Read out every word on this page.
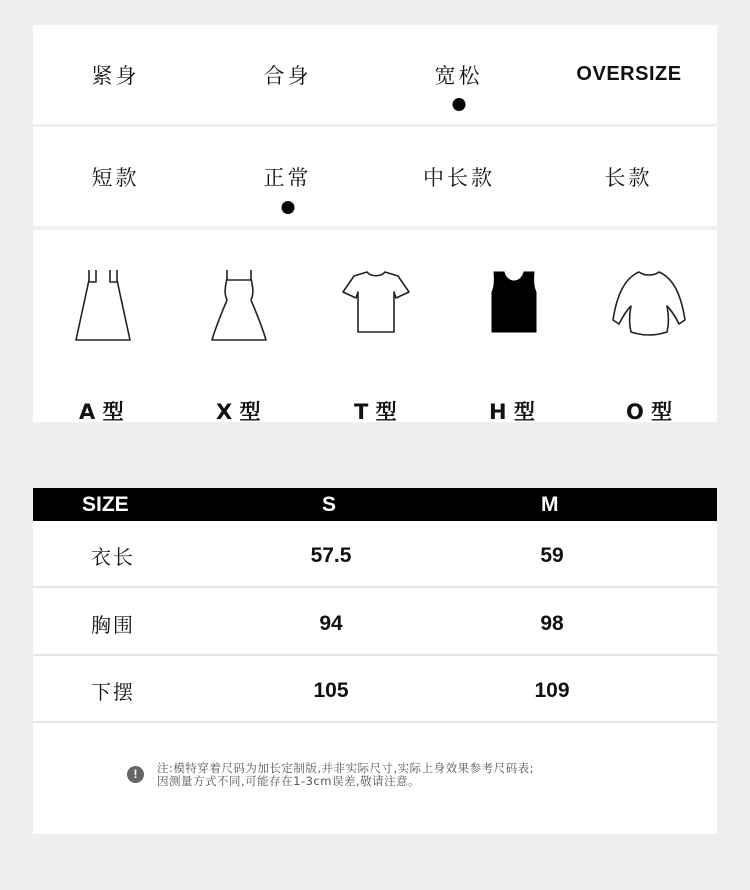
紧身	合身	宽松	OVERSIZE
短款	正常	中长款	长款
A 型	X 型	T 型	H 型	O 型
SIZE	S	M
衣长	57.5	59
胸围	94	98
下摆	105	109
!	注:模特穿着尺码为加长定制版,并非实际尺寸,实际上身效果参考尺码表;
因测量方式不同,可能存在1-3cm误差,敬请注意。
